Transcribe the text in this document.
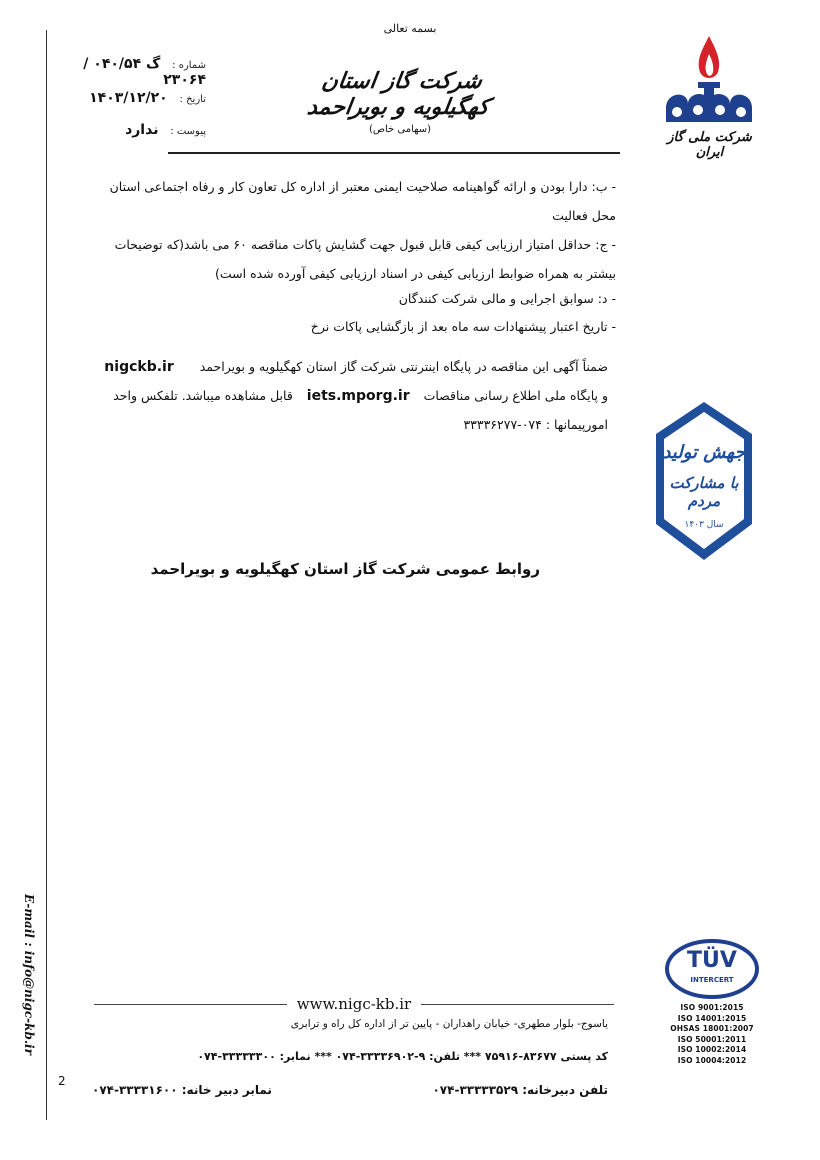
E-mail : info@nigc-kb.ir
بسمه تعالی
شماره : گ ۰۴۰/۵۴ /۲۳۰۶۴
تاریخ : ۱۴۰۳/۱۲/۲۰
پیوست : ندارد
شرکت گاز استان کهگیلویه و بویراحمد
(سهامی خاص)
شرکت ملی گاز ایران
- ب: دارا بودن و ارائه گواهینامه صلاحیت ایمنی معتبر از اداره کل تعاون کار و رفاه اجتماعی استان
محل فعالیت
- ج: حداقل امتیاز ارزیابی کیفی قابل قبول جهت گشایش پاکات مناقصه ۶۰ می باشد(که توضیحات
بیشتر به همراه ضوابط ارزیابی کیفی در اسناد ارزیابی کیفی آورده شده است)
- د: سوابق اجرایی و مالی شرکت کنندگان
- تاریخ اعتبار پیشنهادات سه ماه بعد از بازگشایی پاکات نرخ
ضمناً آگهی این مناقصه در پایگاه اینترنتی شرکت گاز استان کهگیلویه و بویراحمد nigckb.ir
و پایگاه ملی اطلاع رسانی مناقصات iets.mporg.ir قابل مشاهده میباشد. تلفکس واحد
امورپیمانها : ۰۷۴-۳۳۳۳۶۲۷۷
جهش تولید
با مشارکت مردم
سال ۱۴۰۳
روابط عمومی شرکت گاز استان کهگیلویه و بویراحمد
www.nigc-kb.ir
یاسوج- بلوار مطهری- خیابان راهداران - پایین تر از اداره کل راه و ترابری
کد پستی ۸۳۶۷۷-۷۵۹۱۶ *** تلفن: ۹-۳۳۳۳۶۹۰۲-۰۷۴ *** نمابر: ۳۳۳۳۳۳۰۰-۰۷۴
تلفن دبیرخانه: ۳۳۳۳۳۵۲۹-۰۷۴
نمابر دبیر خانه: ۳۳۳۳۱۶۰۰-۰۷۴
2
TÜV
INTERCERT
ISO 9001:2015
ISO 14001:2015
OHSAS 18001:2007
ISO 50001:2011
ISO 10002:2014
ISO 10004:2012
